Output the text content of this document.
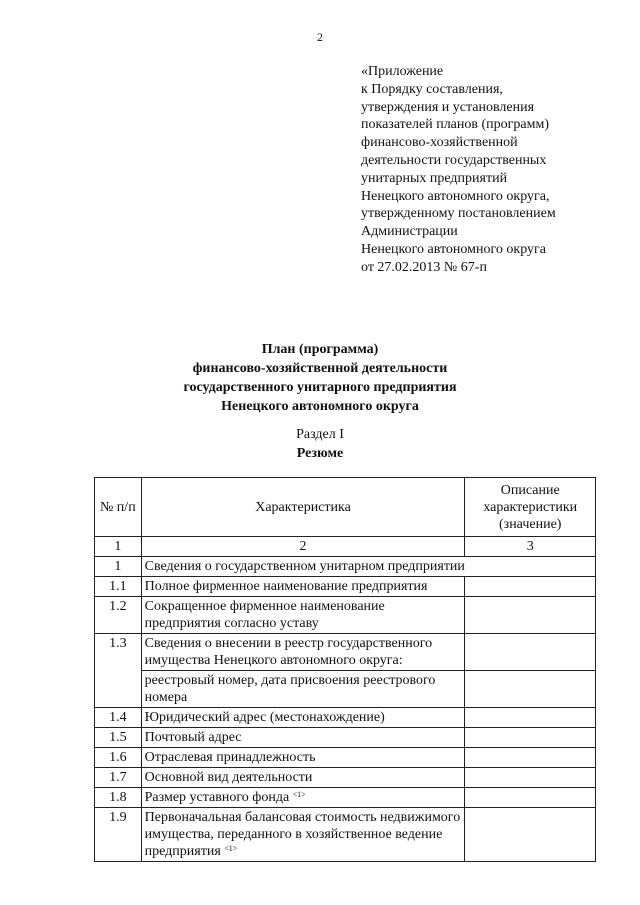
2
«Приложение
к Порядку составления,
утверждения и установления
показателей планов (программ)
финансово-хозяйственной
деятельности государственных
унитарных предприятий
Ненецкого автономного округа,
утвержденному постановлением
Администрации
Ненецкого автономного округа
от 27.02.2013 № 67-п
План (программа)
финансово-хозяйственной деятельности
государственного унитарного предприятия
Ненецкого автономного округа
Раздел I
Резюме
№ п/п	Характеристика	Описание характеристики (значение)
1	2	3
1	Сведения о государственном унитарном предприятии	
1.1	Полное фирменное наименование предприятия	
1.2	Сокращенное фирменное наименование предприятия согласно уставу	
1.3	Сведения о внесении в реестр государственного имущества Ненецкого автономного округа:	
	реестровый номер, дата присвоения реестрового номера	
1.4	Юридический адрес (местонахождение)	
1.5	Почтовый адрес	
1.6	Отраслевая принадлежность	
1.7	Основной вид деятельности	
1.8	Размер уставного фонда $^{<1>}$	
1.9	Первоначальная балансовая стоимость недвижимого имущества, переданного в хозяйственное ведение предприятия $^{<1>}$	
